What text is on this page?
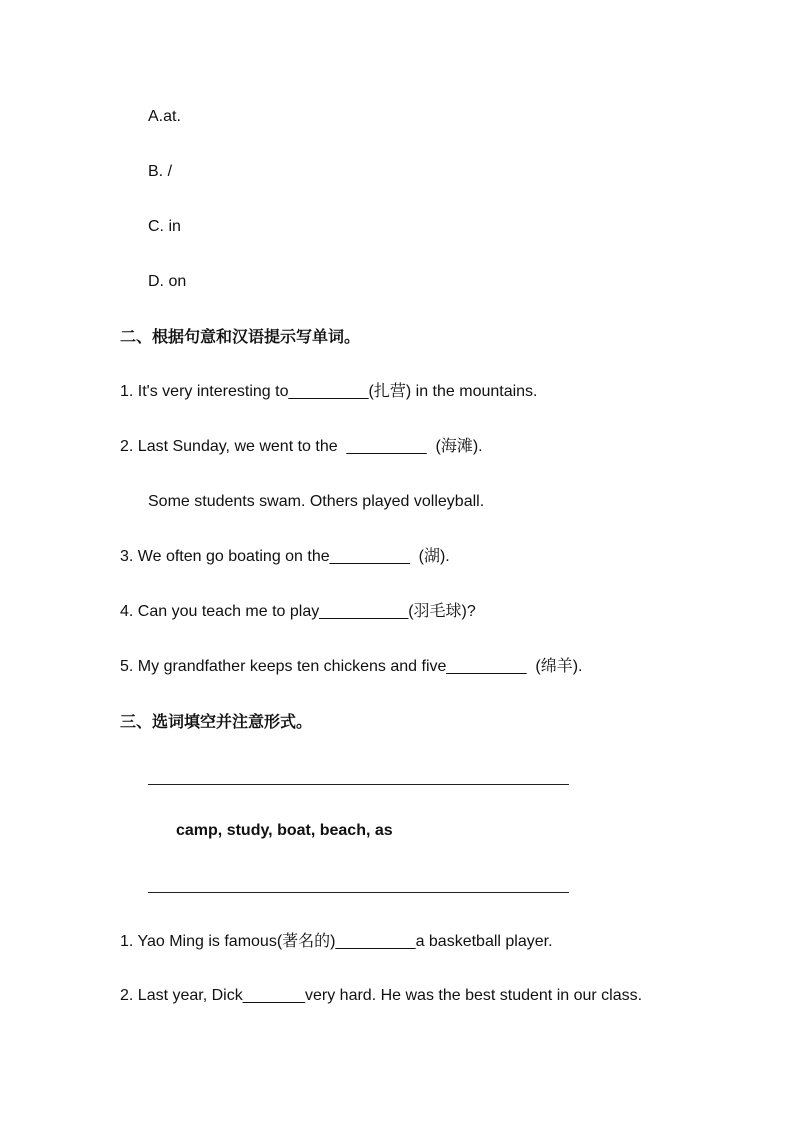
A.at.
B. /
C. in
D. on
二、根据句意和汉语提示写单词。
1. It's very interesting to_________(扎营) in the mountains.
2. Last Sunday, we went to the  _________  (海滩).
Some students swam. Others played volleyball.
3. We often go boating on the_________  (湖).
4. Can you teach me to play__________(羽毛球)?
5. My grandfather keeps ten chickens and five_________  (绵羊).
三、选词填空并注意形式。
camp, study, boat, beach, as
1. Yao Ming is famous(著名的)_________a basketball player.
2. Last year, Dick_______very hard. He was the best student in our class.
